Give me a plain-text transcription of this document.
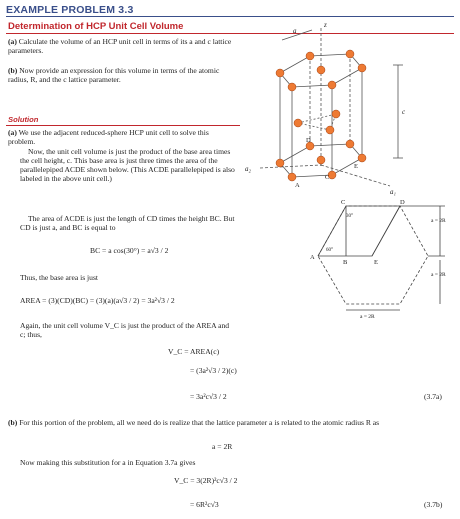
EXAMPLE PROBLEM 3.3
Determination of HCP Unit Cell Volume
(a) Calculate the volume of an HCP unit cell in terms of its a and c lattice parameters.
(b) Now provide an expression for this volume in terms of the atomic radius, R, and the c lattice parameter.
Solution
(a) We use the adjacent reduced-sphere HCP unit cell to solve this problem.
Now, the unit cell volume is just the product of the base area times the cell height, c. This base area is just three times the area of the parallelepiped ACDE shown below. (This ACDE parallelepiped is also labeled in the above unit cell.)
The area of ACDE is just the length of CD times the height BC. But CD is just a, and BC is equal to
BC = a cos(30°) = a√3 / 2
Thus, the base area is just
AREA = (3)(CD)(BC) = (3)(a)(a√3 / 2) = 3a²√3 / 2
Again, the unit cell volume V_C is just the product of the AREA and c; thus,
V_C = AREA(c)
= (3a²√3 / 2)(c)
= 3a²c√3 / 2	(3.7a)
(b) For this portion of the problem, all we need do is realize that the lattice parameter a is related to the atomic radius R as
a = 2R
Now making this substitution for a in Equation 3.7a gives
V_C = 3(2R)²c√3 / 2
= 6R²c√3	(3.7b)
a
z
c
a₂
a₁
D
C
E
A
C	D
A
B	E
30°
60°
a = 2R
a = 2R
a = 2R
